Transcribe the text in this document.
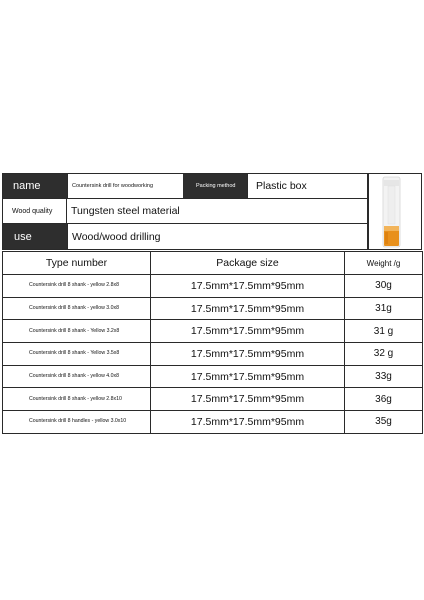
name	Countersink drill for woodworking	Packing method	Plastic box
Wood quality	Tungsten steel material
use	Wood/wood drilling
Type number	Package size	Weight /g
Countersink drill 8 shank - yellow 2.8x8	17.5mm*17.5mm*95mm	30g
Countersink drill 8 shank - yellow 3.0x8	17.5mm*17.5mm*95mm	31g
Countersink drill 8 shank - Yellow 3.2x8	17.5mm*17.5mm*95mm	31 g
Countersink drill 8 shank - Yellow 3.5x8	17.5mm*17.5mm*95mm	32 g
Countersink drill 8 shank - yellow 4.0x8	17.5mm*17.5mm*95mm	33g
Countersink drill 8 shank - yellow 2.8x10	17.5mm*17.5mm*95mm	36g
Countersink drill 8 handles - yellow 3.0x10	17.5mm*17.5mm*95mm	35g
